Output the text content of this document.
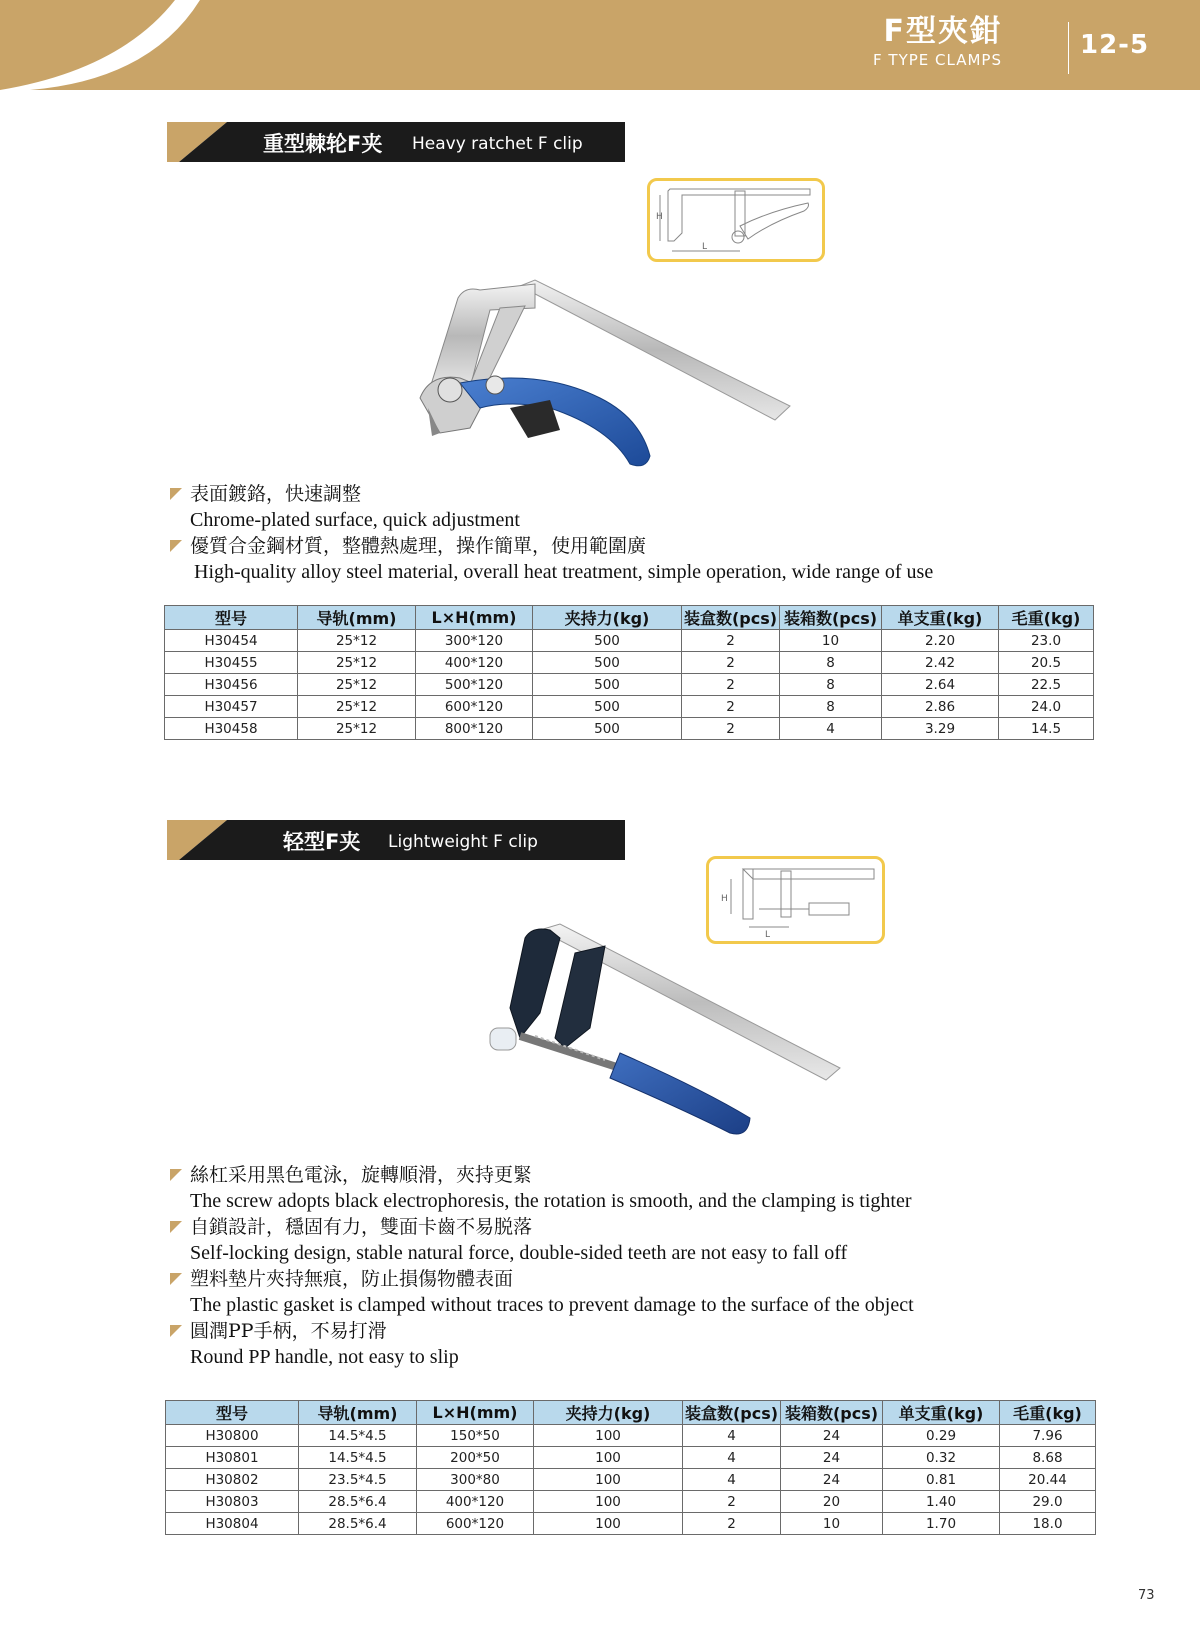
F型夾鉗
F TYPE CLAMPS	12-5
重型棘轮F夹 Heavy ratchet F clip
H
L
表面鍍鉻，快速調整
Chrome-plated surface, quick adjustment
優質合金鋼材質，整體熱處理，操作簡單，使用範圍廣
High-quality alloy steel material, overall heat treatment, simple operation, wide range of use
型号	导轨(mm)	L×H(mm)	夹持力(kg)	装盒数(pcs)	装箱数(pcs)	单支重(kg)	毛重(kg)
H30454	25*12	300*120	500	2	10	2.20	23.0
H30455	25*12	400*120	500	2	8	2.42	20.5
H30456	25*12	500*120	500	2	8	2.64	22.5
H30457	25*12	600*120	500	2	8	2.86	24.0
H30458	25*12	800*120	500	2	4	3.29	14.5
轻型F夹 Lightweight F clip
H
L
絲杠采用黑色電泳，旋轉順滑，夾持更緊
The screw adopts black electrophoresis, the rotation is smooth, and the clamping is tighter
自鎖設計，穩固有力，雙面卡齒不易脱落
Self-locking design, stable natural force, double-sided teeth are not easy to fall off
塑料墊片夾持無痕，防止損傷物體表面
The plastic gasket is clamped without traces to prevent damage to the surface of the object
圓潤PP手柄，不易打滑
Round PP handle, not easy to slip
型号	导轨(mm)	L×H(mm)	夹持力(kg)	装盒数(pcs)	装箱数(pcs)	单支重(kg)	毛重(kg)
H30800	14.5*4.5	150*50	100	4	24	0.29	7.96
H30801	14.5*4.5	200*50	100	4	24	0.32	8.68
H30802	23.5*4.5	300*80	100	4	24	0.81	20.44
H30803	28.5*6.4	400*120	100	2	20	1.40	29.0
H30804	28.5*6.4	600*120	100	2	10	1.70	18.0
73
